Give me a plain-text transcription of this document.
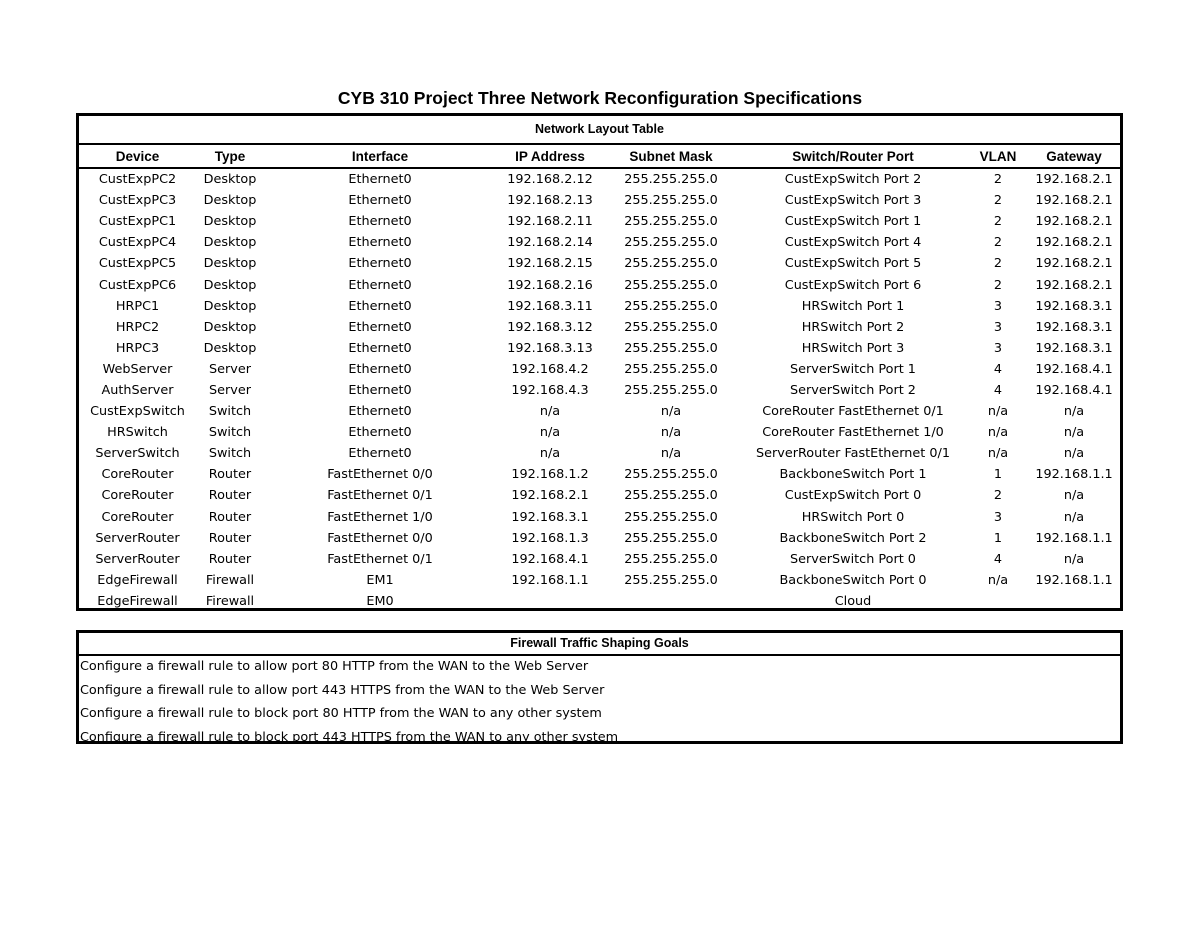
CYB 310 Project Three Network Reconfiguration Specifications
Network Layout Table
Device	Type	Interface	IP Address	Subnet Mask	Switch/Router Port	VLAN	Gateway
CustExpPC2	Desktop	Ethernet0	192.168.2.12	255.255.255.0	CustExpSwitch Port 2	2	192.168.2.1
CustExpPC3	Desktop	Ethernet0	192.168.2.13	255.255.255.0	CustExpSwitch Port 3	2	192.168.2.1
CustExpPC1	Desktop	Ethernet0	192.168.2.11	255.255.255.0	CustExpSwitch Port 1	2	192.168.2.1
CustExpPC4	Desktop	Ethernet0	192.168.2.14	255.255.255.0	CustExpSwitch Port 4	2	192.168.2.1
CustExpPC5	Desktop	Ethernet0	192.168.2.15	255.255.255.0	CustExpSwitch Port 5	2	192.168.2.1
CustExpPC6	Desktop	Ethernet0	192.168.2.16	255.255.255.0	CustExpSwitch Port 6	2	192.168.2.1
HRPC1	Desktop	Ethernet0	192.168.3.11	255.255.255.0	HRSwitch Port 1	3	192.168.3.1
HRPC2	Desktop	Ethernet0	192.168.3.12	255.255.255.0	HRSwitch Port 2	3	192.168.3.1
HRPC3	Desktop	Ethernet0	192.168.3.13	255.255.255.0	HRSwitch Port 3	3	192.168.3.1
WebServer	Server	Ethernet0	192.168.4.2	255.255.255.0	ServerSwitch Port 1	4	192.168.4.1
AuthServer	Server	Ethernet0	192.168.4.3	255.255.255.0	ServerSwitch Port 2	4	192.168.4.1
CustExpSwitch	Switch	Ethernet0	n/a	n/a	CoreRouter FastEthernet 0/1	n/a	n/a
HRSwitch	Switch	Ethernet0	n/a	n/a	CoreRouter FastEthernet 1/0	n/a	n/a
ServerSwitch	Switch	Ethernet0	n/a	n/a	ServerRouter FastEthernet 0/1	n/a	n/a
CoreRouter	Router	FastEthernet 0/0	192.168.1.2	255.255.255.0	BackboneSwitch Port 1	1	192.168.1.1
CoreRouter	Router	FastEthernet 0/1	192.168.2.1	255.255.255.0	CustExpSwitch Port 0	2	n/a
CoreRouter	Router	FastEthernet 1/0	192.168.3.1	255.255.255.0	HRSwitch Port 0	3	n/a
ServerRouter	Router	FastEthernet 0/0	192.168.1.3	255.255.255.0	BackboneSwitch Port 2	1	192.168.1.1
ServerRouter	Router	FastEthernet 0/1	192.168.4.1	255.255.255.0	ServerSwitch Port 0	4	n/a
EdgeFirewall	Firewall	EM1	192.168.1.1	255.255.255.0	BackboneSwitch Port 0	n/a	192.168.1.1
EdgeFirewall	Firewall	EM0			Cloud		
Firewall Traffic Shaping Goals
Configure a firewall rule to allow port 80 HTTP from the WAN to the Web Server
Configure a firewall rule to allow port 443 HTTPS from the WAN to the Web Server
Configure a firewall rule to block port 80 HTTP from the WAN to any other system
Configure a firewall rule to block port 443 HTTPS from the WAN to any other system
